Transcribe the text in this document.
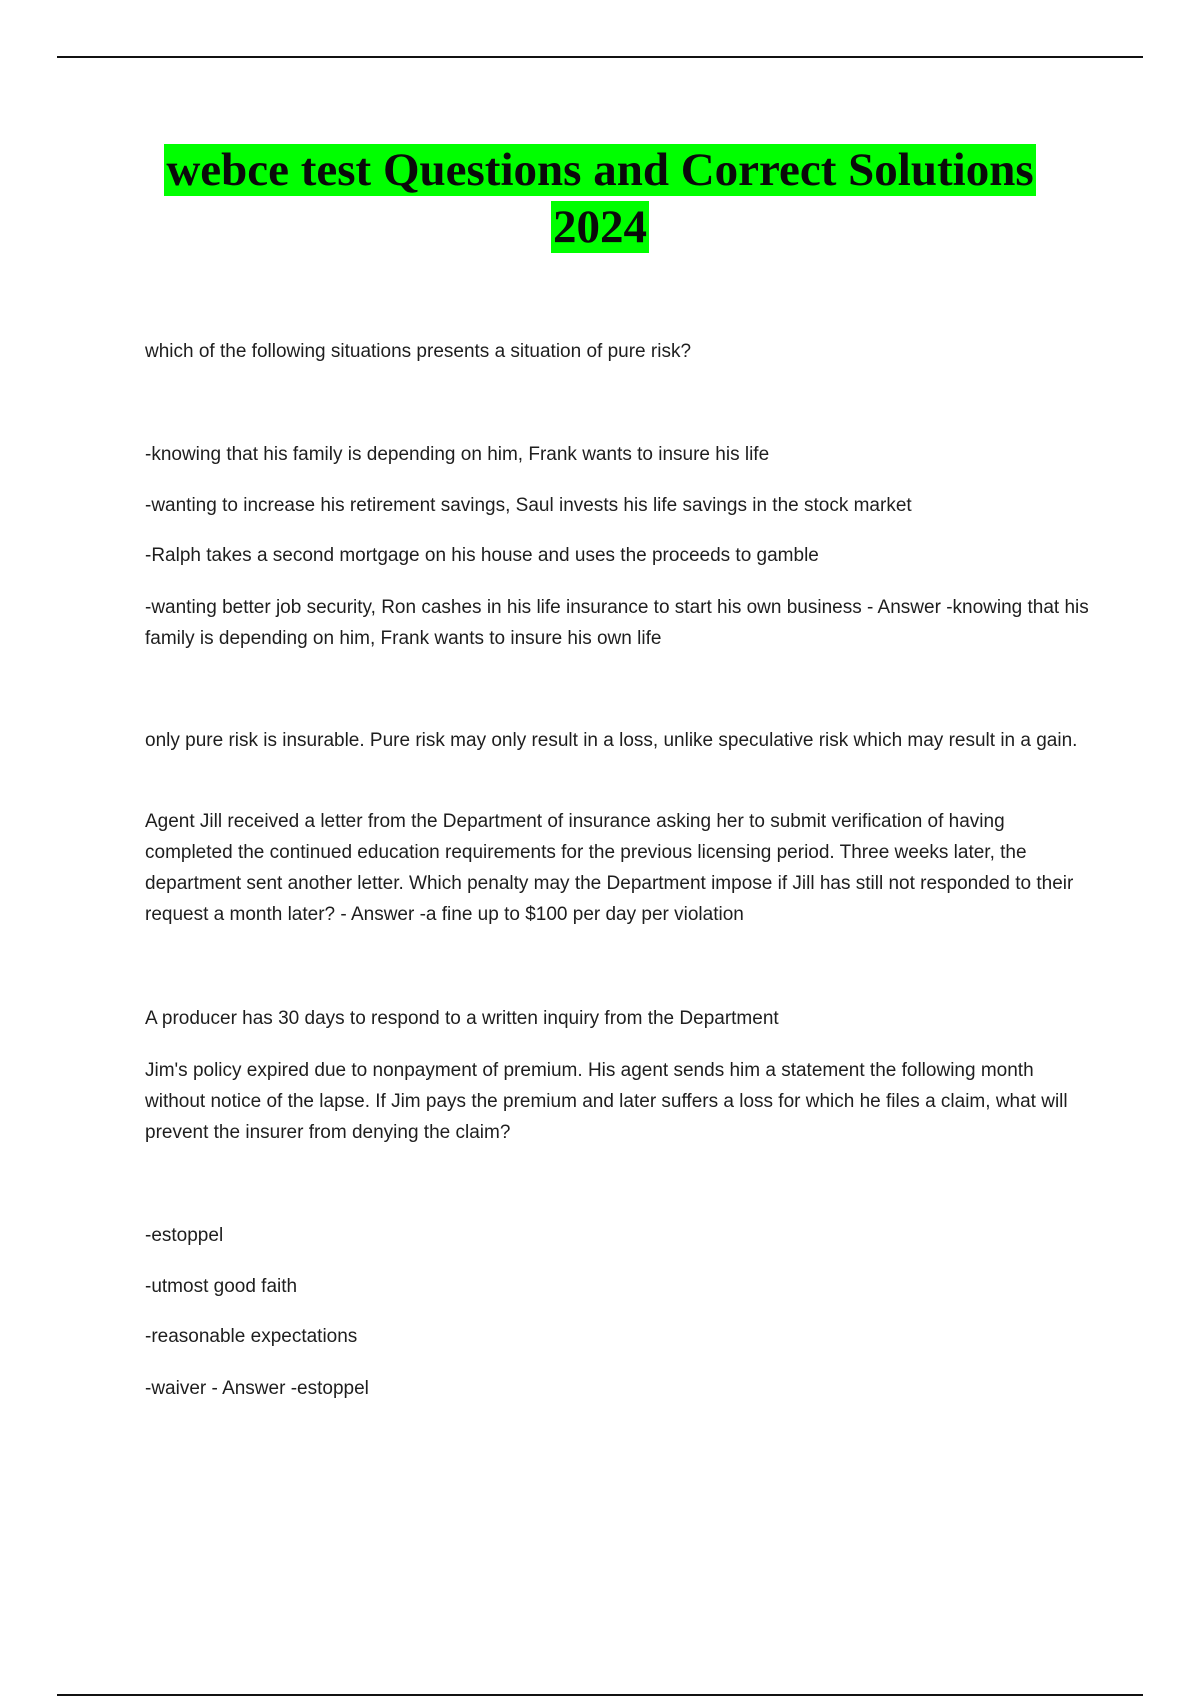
webce test Questions and Correct Solutions
2024

which of the following situations presents a situation of pure risk?

-knowing that his family is depending on him, Frank wants to insure his life

-wanting to increase his retirement savings, Saul invests his life savings in the stock market

-Ralph takes a second mortgage on his house and uses the proceeds to gamble

-wanting better job security, Ron cashes in his life insurance to start his own business - Answer -knowing that his family is depending on him, Frank wants to insure his own life

only pure risk is insurable. Pure risk may only result in a loss, unlike speculative risk which may result in a gain.

Agent Jill received a letter from the Department of insurance asking her to submit verification of having completed the continued education requirements for the previous licensing period. Three weeks later, the department sent another letter. Which penalty may the Department impose if Jill has still not responded to their request a month later? - Answer -a fine up to $100 per day per violation

A producer has 30 days to respond to a written inquiry from the Department

Jim's policy expired due to nonpayment of premium. His agent sends him a statement the following month without notice of the lapse. If Jim pays the premium and later suffers a loss for which he files a claim, what will prevent the insurer from denying the claim?

-estoppel

-utmost good faith

-reasonable expectations

-waiver - Answer -estoppel
